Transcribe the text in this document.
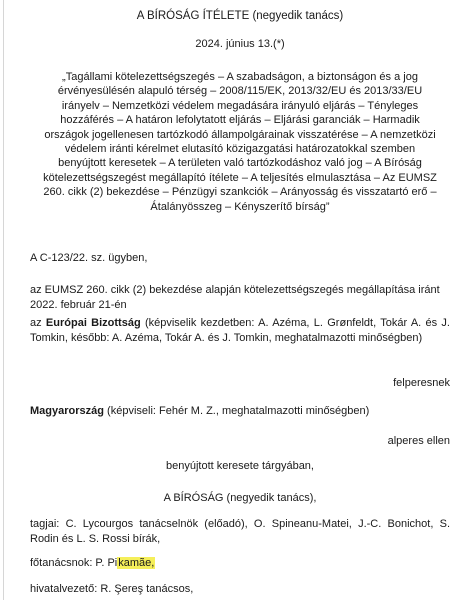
A BÍRÓSÁG ÍTÉLETE (negyedik tanács)
2024. június 13.(*)
„Tagállami kötelezettségszegés – A szabadságon, a biztonságon és a jog érvényesülésén alapuló térség – 2008/115/EK, 2013/32/EU és 2013/33/EU irányelv – Nemzetközi védelem megadására irányuló eljárás – Tényleges hozzáférés – A határon lefolytatott eljárás – Eljárási garanciák – Harmadik országok jogellenesen tartózkodó állampolgárainak visszatérése – A nemzetközi védelem iránti kérelmet elutasító közigazgatási határozatokkal szemben benyújtott keresetek – A területen való tartózkodáshoz való jog – A Bíróság kötelezettségszegést megállapító ítélete – A teljesítés elmulasztása – Az EUMSZ 260. cikk (2) bekezdése – Pénzügyi szankciók – Arányosság és visszatartó erő – Átalányösszeg – Kényszerítő bírság”
A C-123/22. sz. ügyben,
az EUMSZ 260. cikk (2) bekezdése alapján kötelezettségszegés megállapítása iránt 2022. február 21-én
az Európai Bizottság (képviselik kezdetben: A. Azéma, L. Grønfeldt, Tokár A. és J. Tomkin, később: A. Azéma, Tokár A. és J. Tomkin, meghatalmazotti minőségben)
felperesnek
Magyarország (képviseli: Fehér M. Z., meghatalmazotti minőségben)
alperes ellen
benyújtott keresete tárgyában,
A BÍRÓSÁG (negyedik tanács),
tagjai: C. Lycourgos tanácselnök (előadó), O. Spineanu-Matei, J.-C. Bonichot, S. Rodin és L. S. Rossi bírák,
főtanácsnok: P. Pikamãe,
hivatalvezető: R. Şereş tanácsos,
